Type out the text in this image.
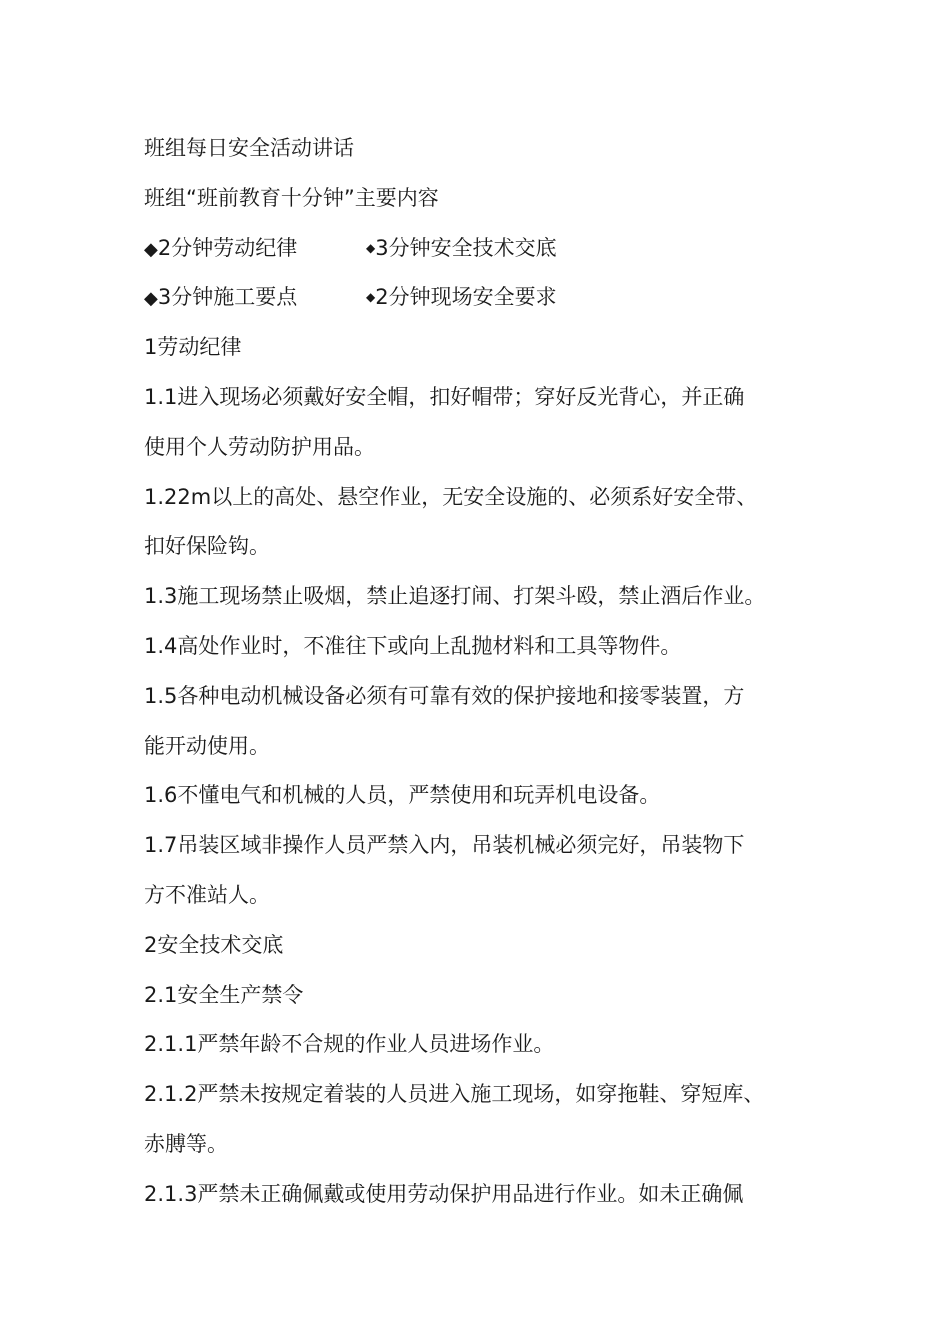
班组每日安全活动讲话
班组“班前教育十分钟”主要内容
◆2分钟劳动纪律	◆3分钟安全技术交底
◆3分钟施工要点	◆2分钟现场安全要求
1劳动纪律
1.1进入现场必须戴好安全帽，扣好帽带；穿好反光背心，并正确
使用个人劳动防护用品。
1.22m以上的高处、悬空作业，无安全设施的、必须系好安全带、
扣好保险钩。
1.3施工现场禁止吸烟，禁止追逐打闹、打架斗殴，禁止酒后作业。
1.4高处作业时，不准往下或向上乱抛材料和工具等物件。
1.5各种电动机械设备必须有可靠有效的保护接地和接零装置，方
能开动使用。
1.6不懂电气和机械的人员，严禁使用和玩弄机电设备。
1.7吊装区域非操作人员严禁入内，吊装机械必须完好，吊装物下
方不准站人。
2安全技术交底
2.1安全生产禁令
2.1.1严禁年龄不合规的作业人员进场作业。
2.1.2严禁未按规定着装的人员进入施工现场，如穿拖鞋、穿短库、
赤膊等。
2.1.3严禁未正确佩戴或使用劳动保护用品进行作业。如未正确佩
